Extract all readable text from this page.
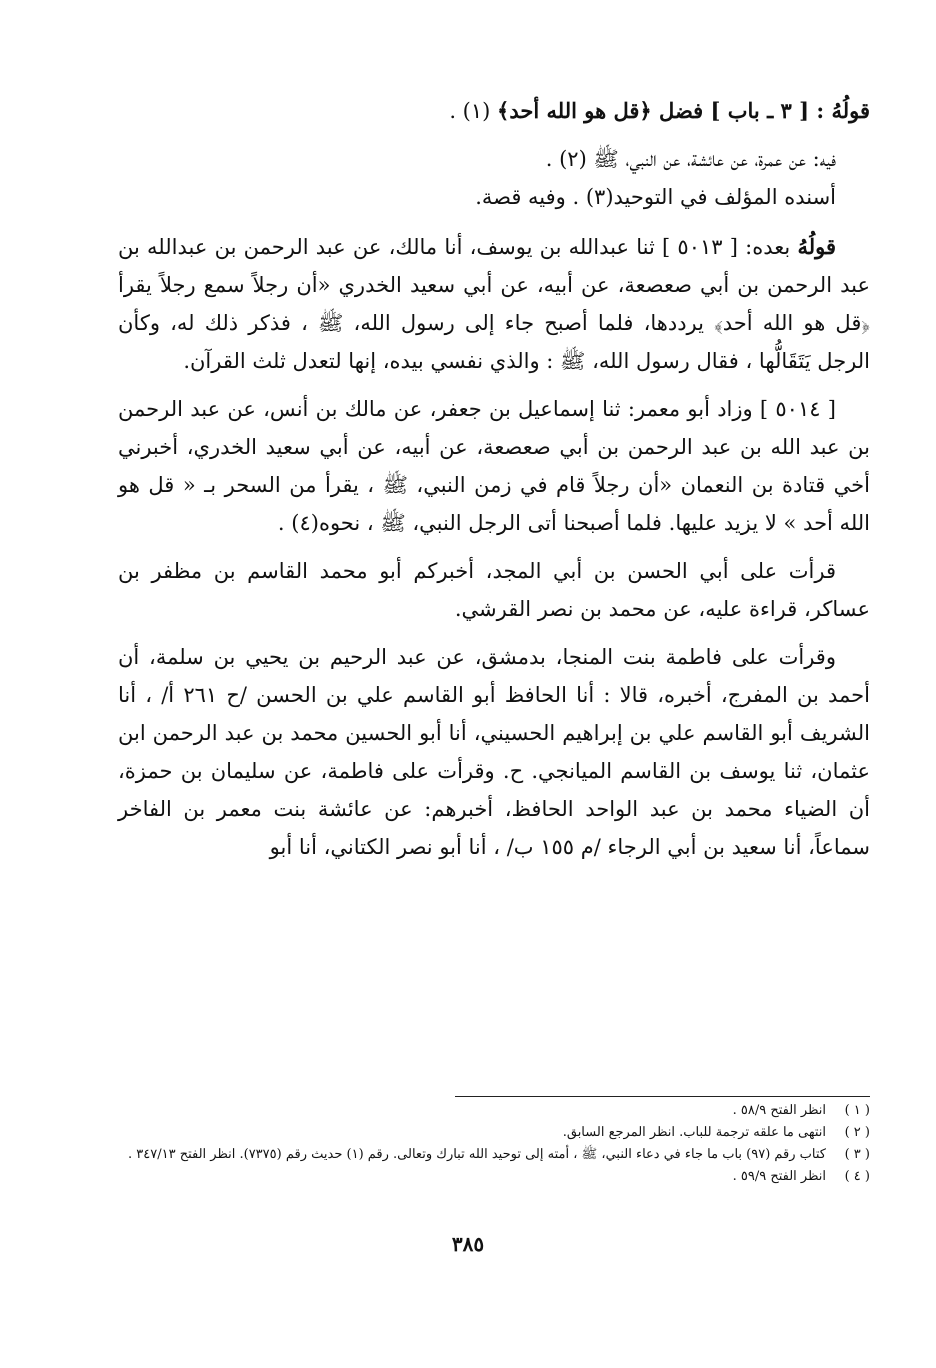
قولُهُ : [ ٣ ـ باب ] فضل ﴿قل هو الله أحد﴾ (١) .

فيه: عن عمرة، عن عائشة، عن النبي، ﷺ (٢) .

أسنده المؤلف في التوحيد(٣) . وفيه قصة.

قولُهُ بعده: [ ٥٠١٣ ] ثنا عبدالله بن يوسف، أنا مالك، عن عبد الرحمن بن عبدالله بن عبد الرحمن بن أبي صعصعة، عن أبيه، عن أبي سعيد الخدري «أن رجلاً سمع رجلاً يقرأ ﴿قل هو الله أحد﴾ يرددها، فلما أصبح جاء إلى رسول الله، ﷺ ، فذكر ذلك له، وكأن الرجل يَتَقَالُّها ، فقال رسول الله، ﷺ : والذي نفسي بيده، إنها لتعدل ثلث القرآن.

[ ٥٠١٤ ] وزاد أبو معمر: ثنا إسماعيل بن جعفر، عن مالك بن أنس، عن عبد الرحمن بن عبد الله بن عبد الرحمن بن أبي صعصعة، عن أبيه، عن أبي سعيد الخدري، أخبرني أخي قتادة بن النعمان «أن رجلاً قام في زمن النبي، ﷺ ، يقرأ من السحر بـ « قل هو الله أحد » لا يزيد عليها. فلما أصبحنا أتى الرجل النبي، ﷺ ، نحوه(٤) .

قرأت على أبي الحسن بن أبي المجد، أخبركم أبو محمد القاسم بن مظفر بن عساكر، قراءة عليه، عن محمد بن نصر القرشي.

وقرأت على فاطمة بنت المنجا، بدمشق، عن عبد الرحيم بن يحيي بن سلمة، أن أحمد بن المفرج، أخبره، قالا : أنا الحافظ أبو القاسم علي بن الحسن /ح ٢٦١ أ/ ، أنا الشريف أبو القاسم علي بن إبراهيم الحسيني، أنا أبو الحسين محمد بن عبد الرحمن ابن عثمان، ثنا يوسف بن القاسم الميانجي. ح. وقرأت على فاطمة، عن سليمان بن حمزة، أن الضياء محمد بن عبد الواحد الحافظ، أخبرهم: عن عائشة بنت معمر بن الفاخر سماعاً، أنا سعيد بن أبي الرجاء /م ١٥٥ ب/ ، أنا أبو نصر الكتاني، أنا أبو

( ١ )
انظر الفتح ٥٨/٩ .
( ٢ )
انتهى ما علقه ترجمة للباب. انظر المرجع السابق.
( ٣ )
كتاب رقم (٩٧) باب ما جاء في دعاء النبي، ﷺ ، أمته إلى توحيد الله تبارك وتعالى. رقم (١) حديث رقم (٧٣٧٥). انظر الفتح ٣٤٧/١٣ .
( ٤ )
انظر الفتح ٥٩/٩ .
٣٨٥
